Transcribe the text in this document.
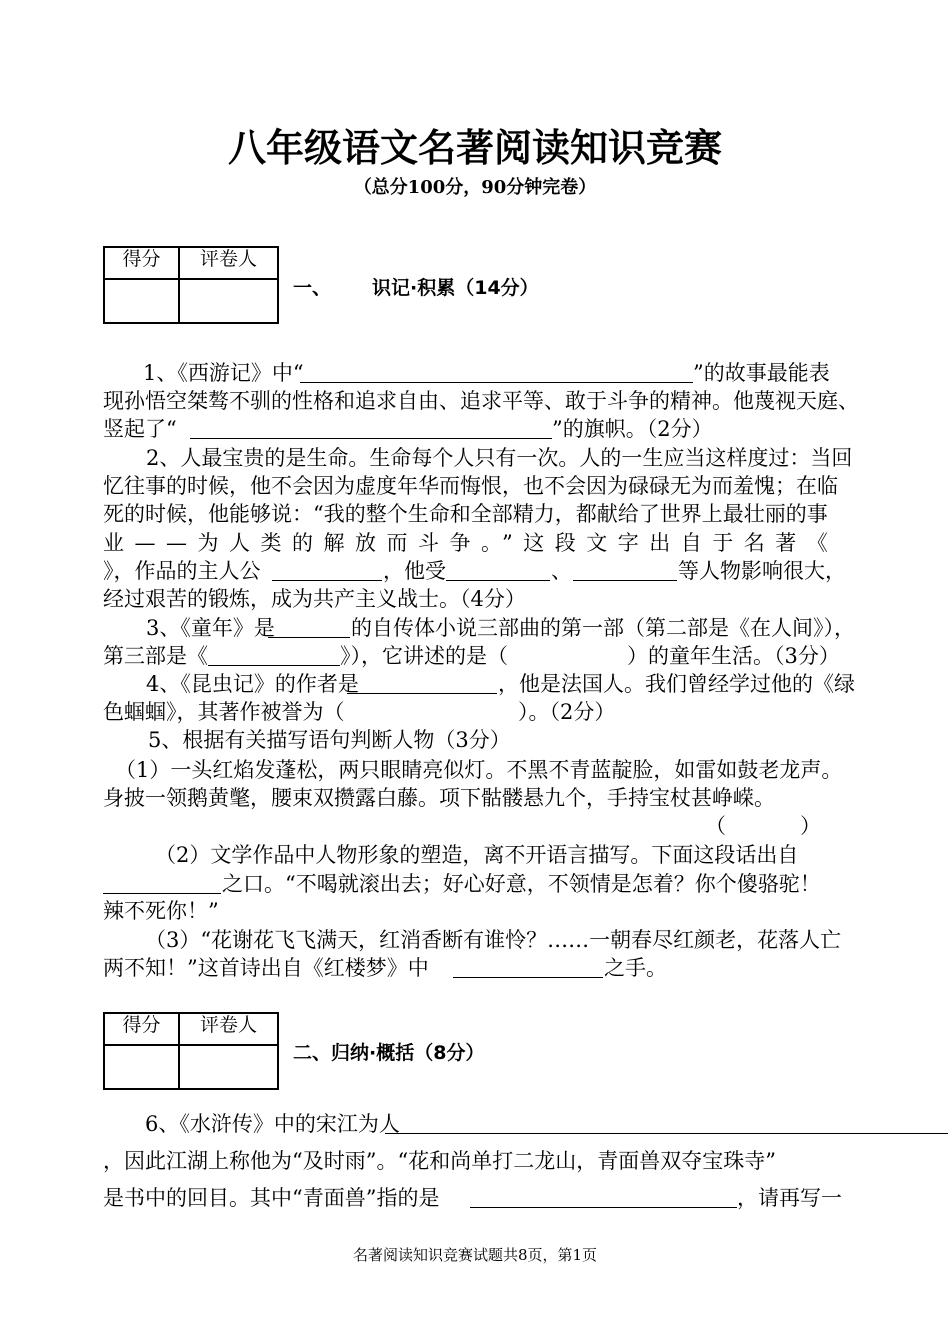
八年级语文名著阅读知识竞赛
（总分100分，90分钟完卷）
得分	评卷人

一、 识记·积累（14分）
1、《西游记》中“	”的故事最能表
现孙悟空桀骜不驯的性格和追求自由、追求平等、敢于斗争的精神。他蔑视天庭、
竖起了“	”的旗帜。（2分）
2、人最宝贵的是生命。生命每个人只有一次。人的一生应当这样度过：当回
忆往事的时候，他不会因为虚度年华而悔恨，也不会因为碌碌无为而羞愧；在临
死的时候，他能够说：“我的整个生命和全部精力，都献给了世界上最壮丽的事
业——为人类的解放而斗争。”这段文字出自于名著《
》，作品的主人公	，他受	、	等人物影响很大，
经过艰苦的锻炼，成为共产主义战士。（4分）
3、《童年》是	的自传体小说三部曲的第一部（第二部是《在人间》），
第三部是《	》），它讲述的是（	）的童年生活。（3分）
4、《昆虫记》的作者是	，他是法国人。我们曾经学过他的《绿
色蝈蝈》，其著作被誉为（	）。（2分）
5、根据有关描写语句判断人物（3分）
（1）一头红焰发蓬松，两只眼睛亮似灯。不黑不青蓝靛脸，如雷如鼓老龙声。
身披一领鹅黄氅，腰束双攒露白藤。项下骷髅悬九个，手持宝杖甚峥嵘。
（	）
（2）文学作品中人物形象的塑造，离不开语言描写。下面这段话出自
之口。“不喝就滚出去；好心好意，不领情是怎着？你个傻骆驼！
辣不死你！”
（3）“花谢花飞飞满天，红消香断有谁怜？……一朝春尽红颜老，花落人亡
两不知！”这首诗出自《红楼梦》中	之手。
得分	评卷人

二、归纳·概括（8分）
6、《水浒传》中的宋江为人
，因此江湖上称他为“及时雨”。“花和尚单打二龙山，青面兽双夺宝珠寺”
是书中的回目。其中“青面兽”指的是	，请再写一
名著阅读知识竞赛试题共8页，第1页
